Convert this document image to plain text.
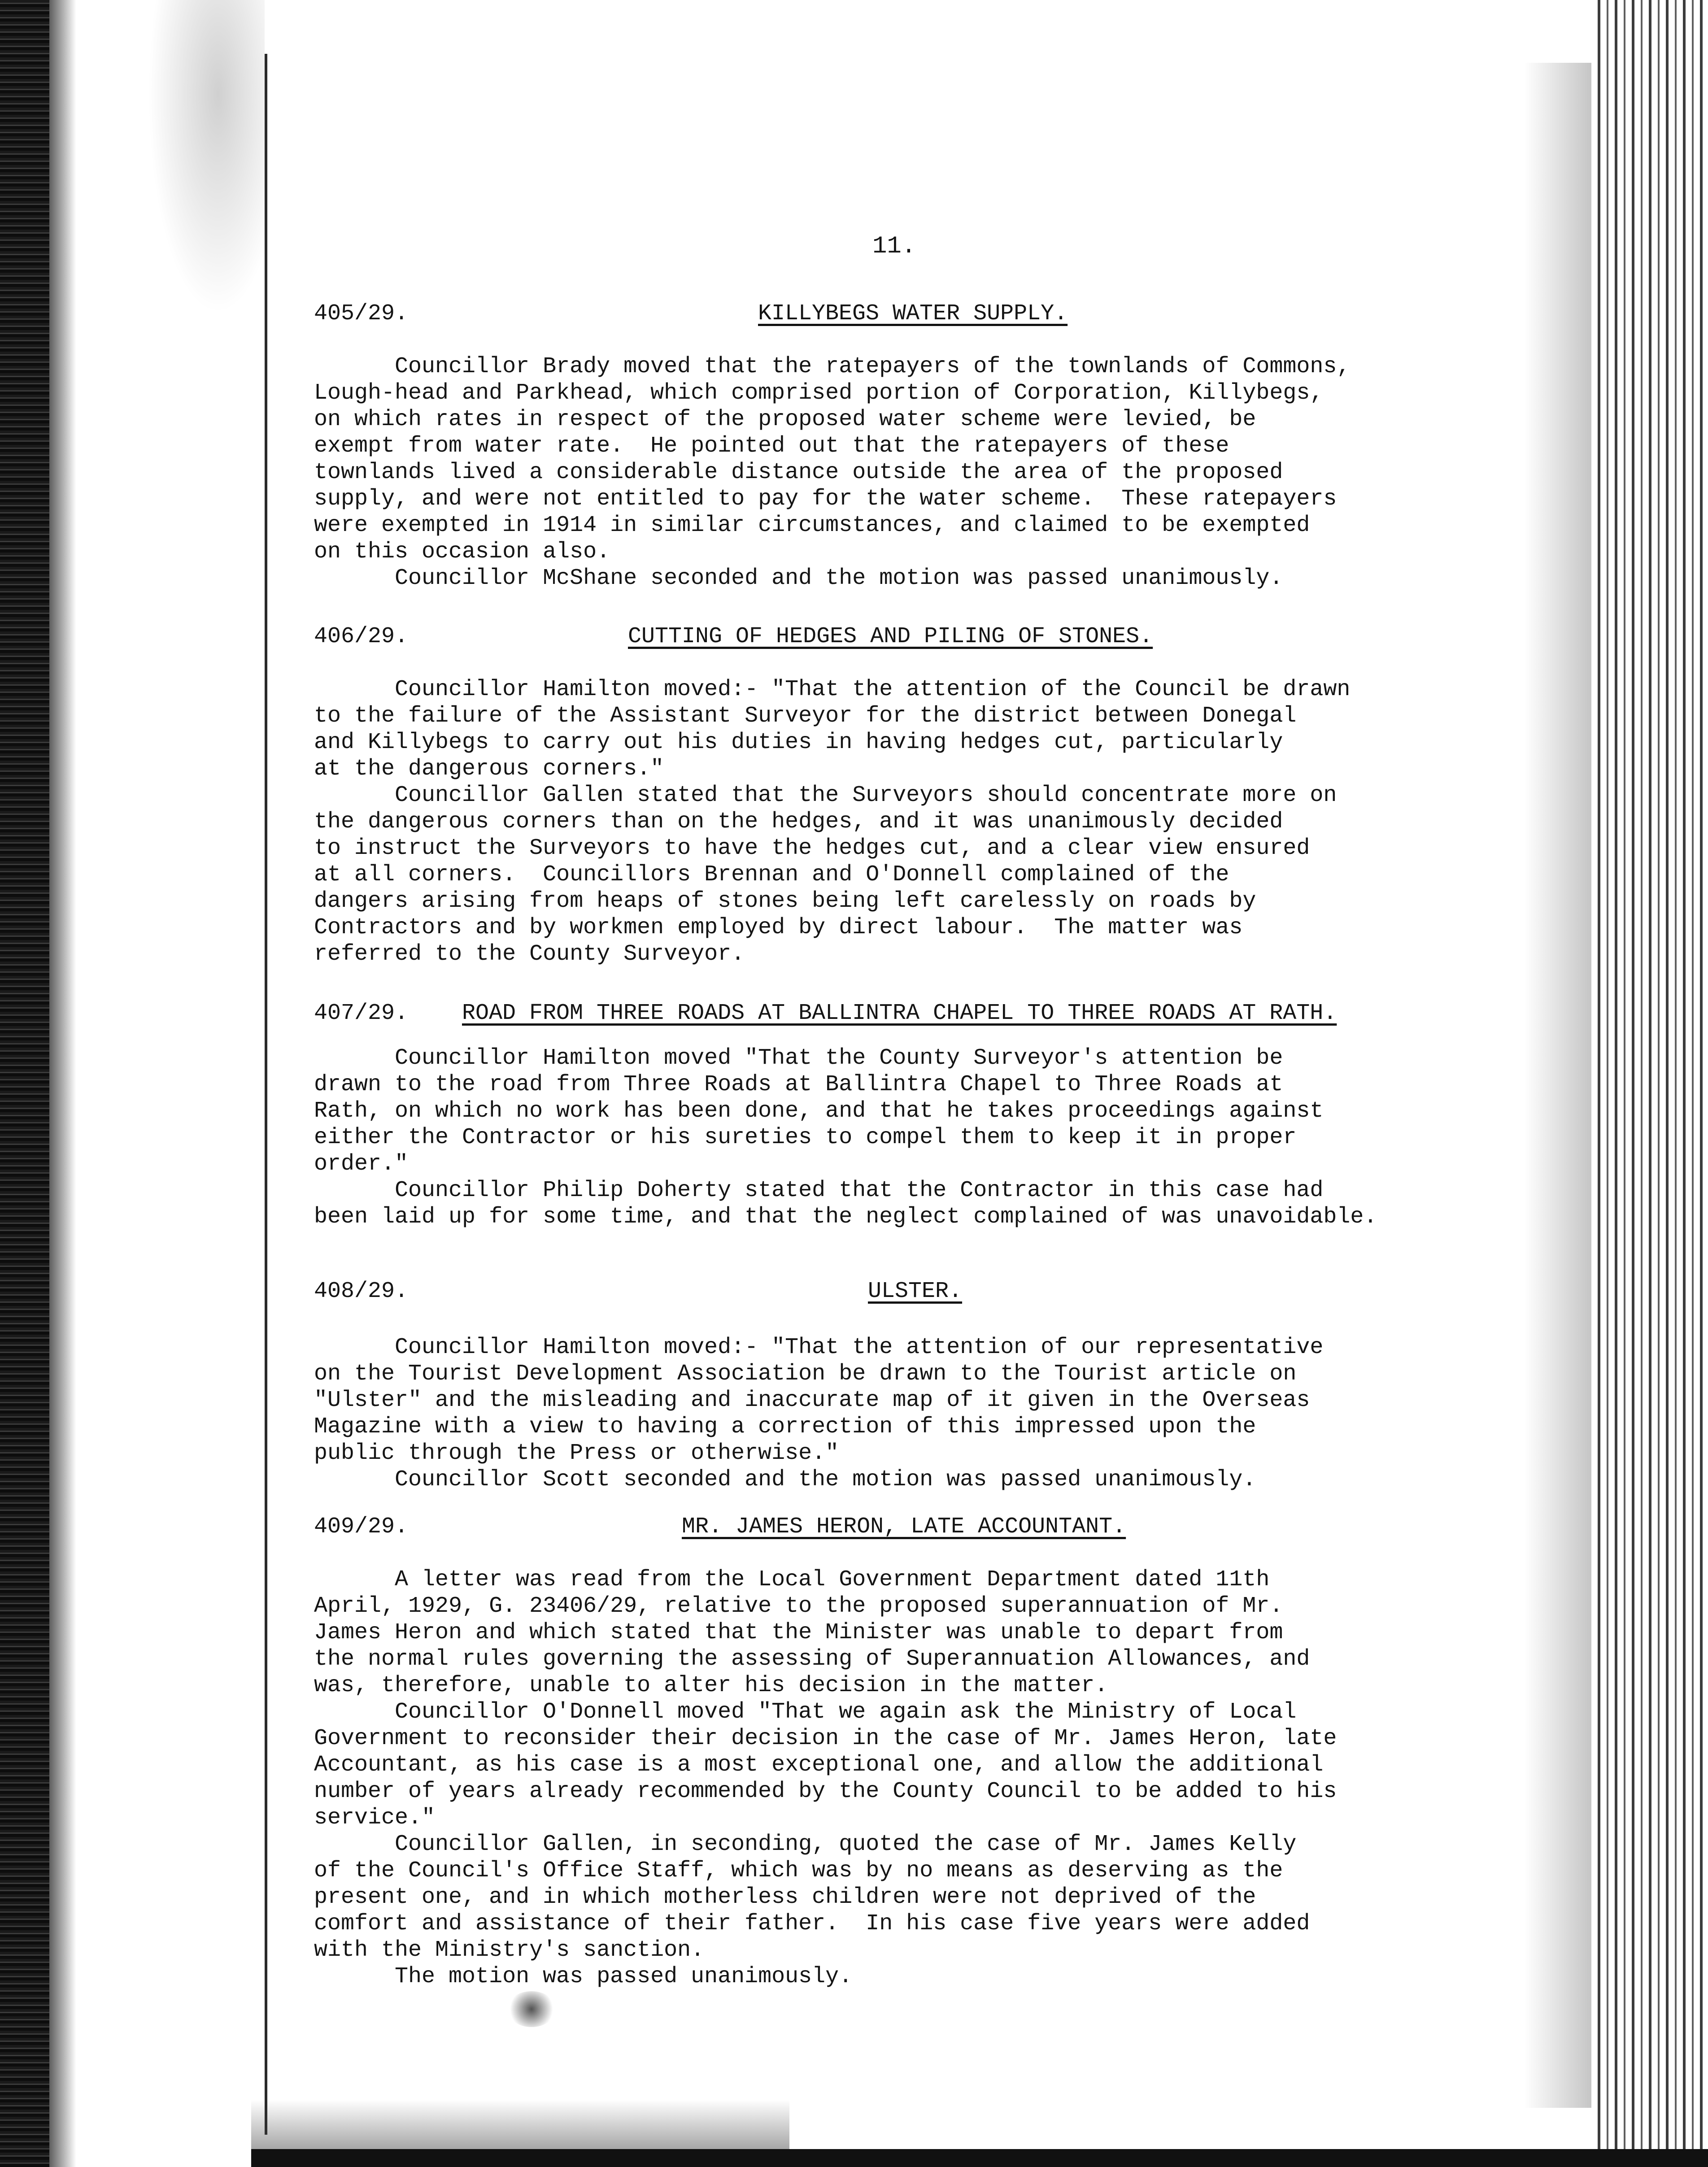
11.
405/29.	KILLYBEGS WATER SUPPLY.
Councillor Brady moved that the ratepayers of the townlands of Commons,
Lough-head and Parkhead, which comprised portion of Corporation, Killybegs,
on which rates in respect of the proposed water scheme were levied, be
exempt from water rate.  He pointed out that the ratepayers of these
townlands lived a considerable distance outside the area of the proposed
supply, and were not entitled to pay for the water scheme.  These ratepayers
were exempted in 1914 in similar circumstances, and claimed to be exempted
on this occasion also.
Councillor McShane seconded and the motion was passed unanimously.
406/29.	CUTTING OF HEDGES AND PILING OF STONES.
Councillor Hamilton moved:- "That the attention of the Council be drawn
to the failure of the Assistant Surveyor for the district between Donegal
and Killybegs to carry out his duties in having hedges cut, particularly
at the dangerous corners."
Councillor Gallen stated that the Surveyors should concentrate more on
the dangerous corners than on the hedges, and it was unanimously decided
to instruct the Surveyors to have the hedges cut, and a clear view ensured
at all corners.  Councillors Brennan and O'Donnell complained of the
dangers arising from heaps of stones being left carelessly on roads by
Contractors and by workmen employed by direct labour.  The matter was
referred to the County Surveyor.
407/29. ROAD FROM THREE ROADS AT BALLINTRA CHAPEL TO THREE ROADS AT RATH.
Councillor Hamilton moved "That the County Surveyor's attention be
drawn to the road from Three Roads at Ballintra Chapel to Three Roads at
Rath, on which no work has been done, and that he takes proceedings against
either the Contractor or his sureties to compel them to keep it in proper
order."
Councillor Philip Doherty stated that the Contractor in this case had
been laid up for some time, and that the neglect complained of was unavoidable.
408/29.	ULSTER.
Councillor Hamilton moved:- "That the attention of our representative
on the Tourist Development Association be drawn to the Tourist article on
"Ulster" and the misleading and inaccurate map of it given in the Overseas
Magazine with a view to having a correction of this impressed upon the
public through the Press or otherwise."
Councillor Scott seconded and the motion was passed unanimously.
409/29.	MR. JAMES HERON, LATE ACCOUNTANT.
A letter was read from the Local Government Department dated 11th
April, 1929, G. 23406/29, relative to the proposed superannuation of Mr.
James Heron and which stated that the Minister was unable to depart from
the normal rules governing the assessing of Superannuation Allowances, and
was, therefore, unable to alter his decision in the matter.
Councillor O'Donnell moved "That we again ask the Ministry of Local
Government to reconsider their decision in the case of Mr. James Heron, late
Accountant, as his case is a most exceptional one, and allow the additional
number of years already recommended by the County Council to be added to his
service."
Councillor Gallen, in seconding, quoted the case of Mr. James Kelly
of the Council's Office Staff, which was by no means as deserving as the
present one, and in which motherless children were not deprived of the
comfort and assistance of their father.  In his case five years were added
with the Ministry's sanction.
The motion was passed unanimously.
